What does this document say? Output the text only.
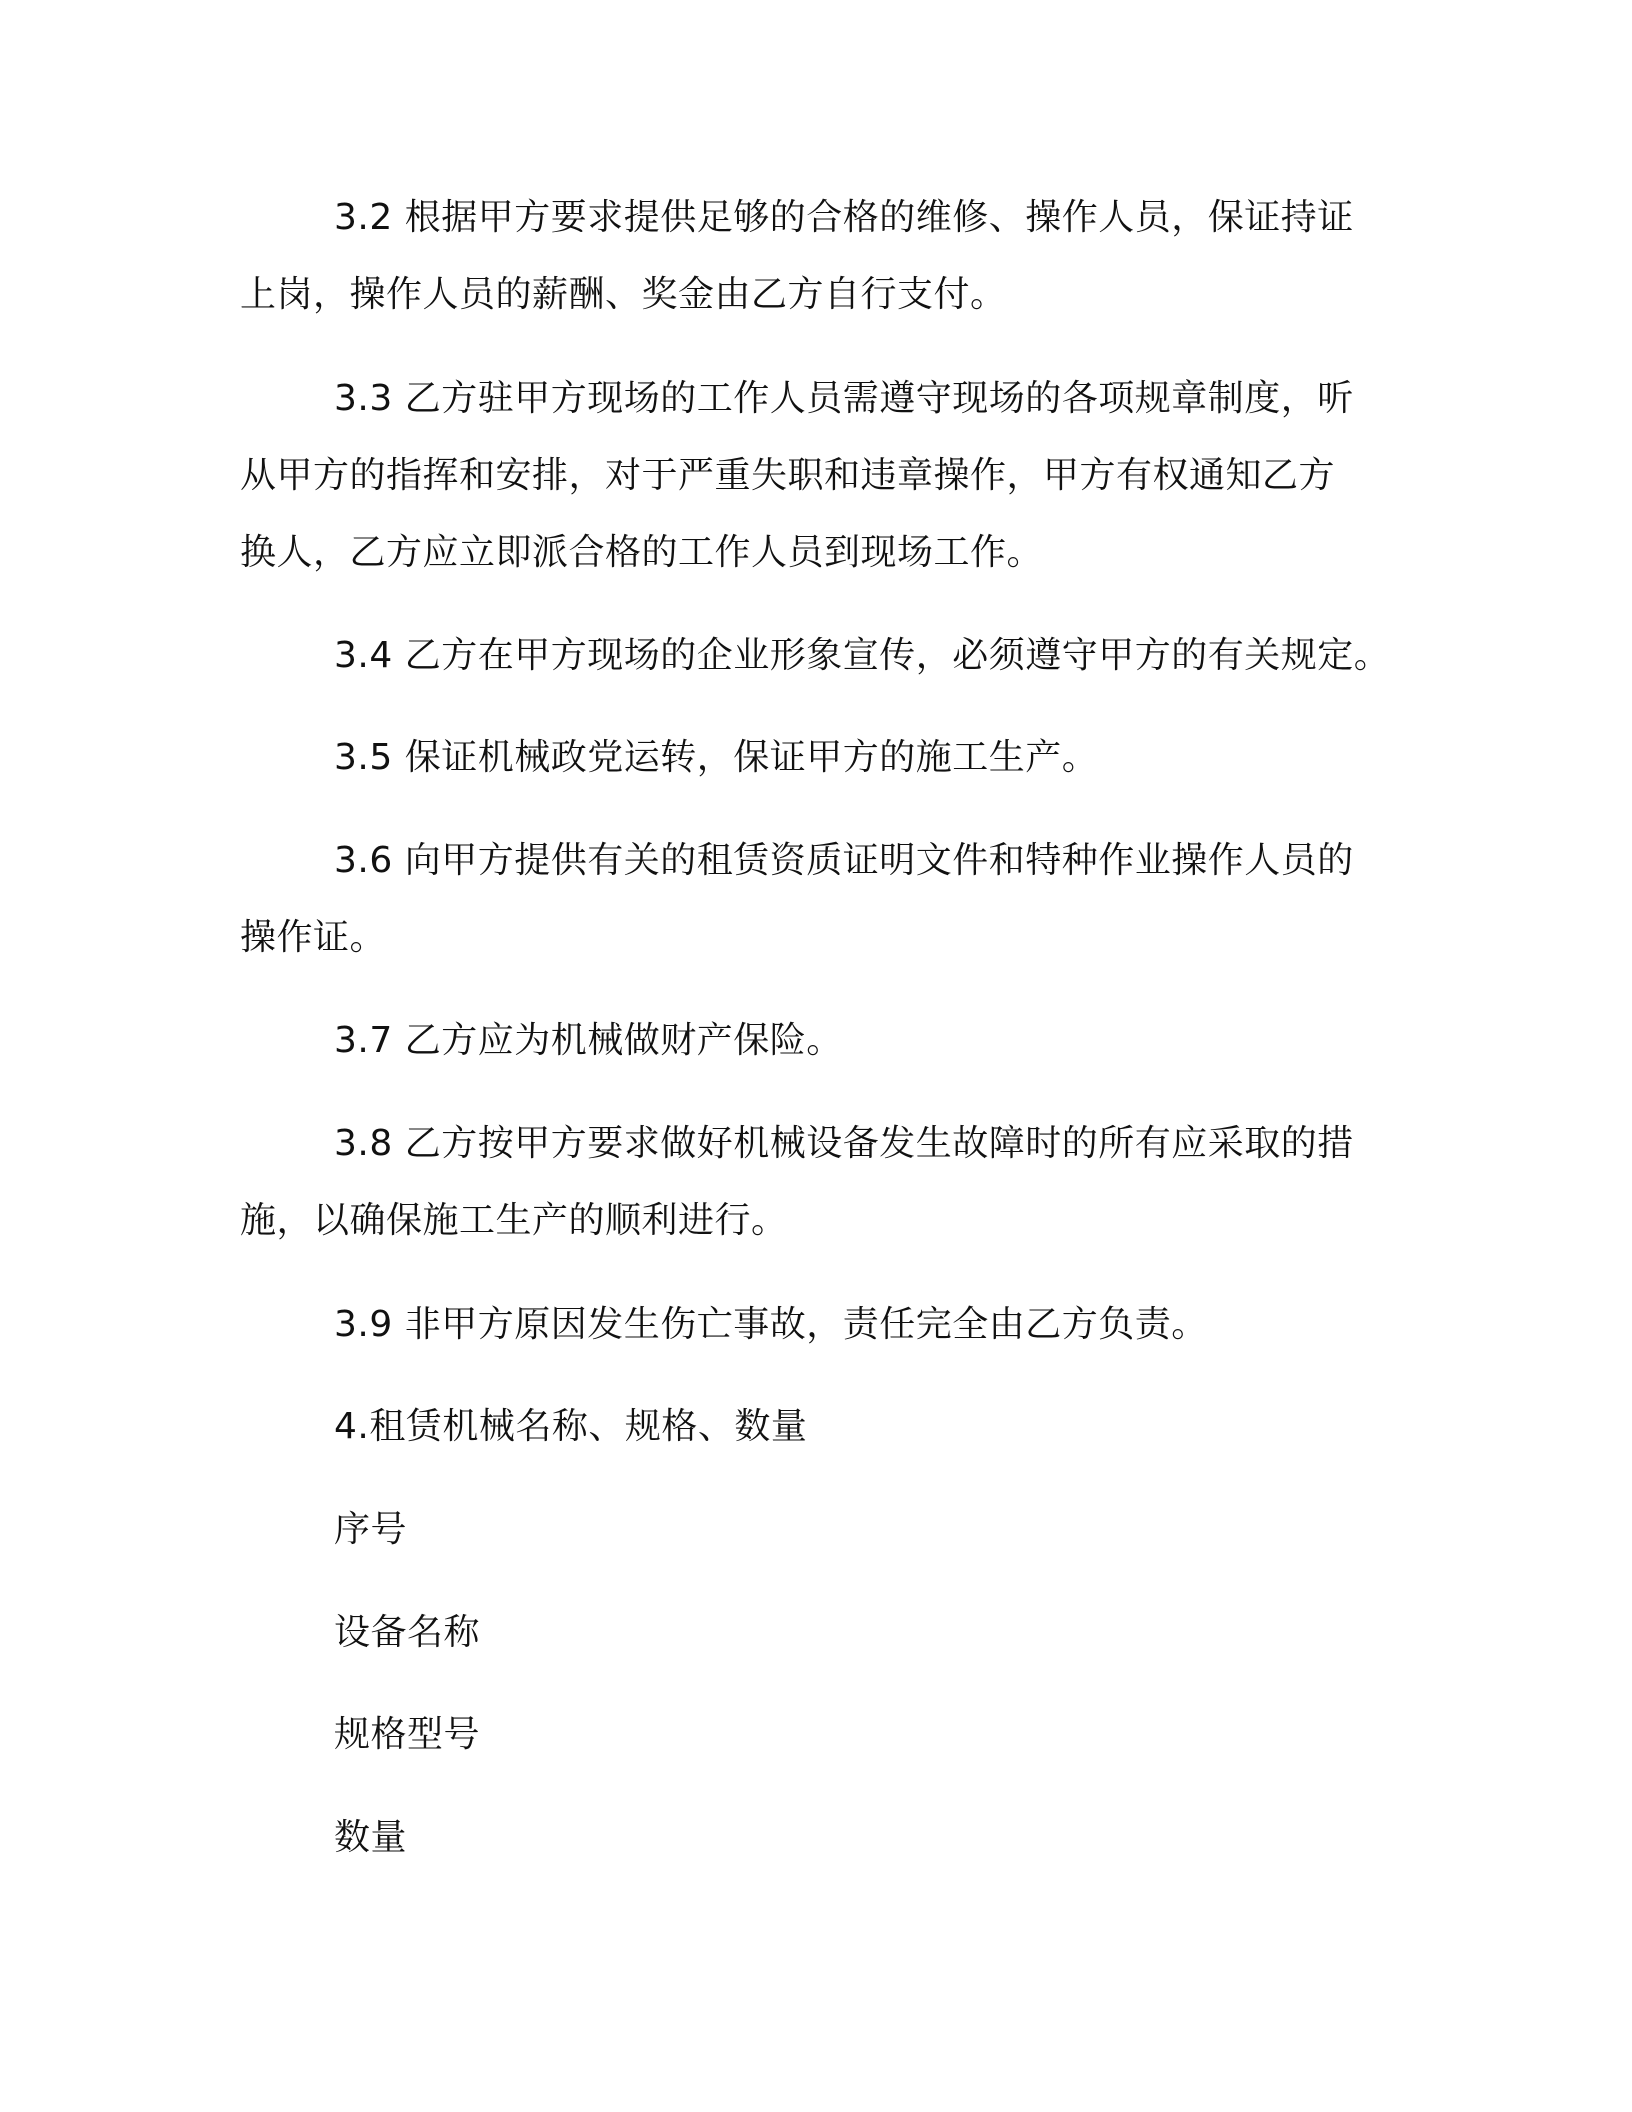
3.2 根据甲方要求提供足够的合格的维修、操作人员，保证持证上岗，操作人员的薪酬、奖金由乙方自行支付。

3.3 乙方驻甲方现场的工作人员需遵守现场的各项规章制度，听从甲方的指挥和安排，对于严重失职和违章操作，甲方有权通知乙方换人，乙方应立即派合格的工作人员到现场工作。

3.4 乙方在甲方现场的企业形象宣传，必须遵守甲方的有关规定。

3.5 保证机械政党运转，保证甲方的施工生产。

3.6 向甲方提供有关的租赁资质证明文件和特种作业操作人员的操作证。

3.7 乙方应为机械做财产保险。

3.8 乙方按甲方要求做好机械设备发生故障时的所有应采取的措施，以确保施工生产的顺利进行。

3.9 非甲方原因发生伤亡事故，责任完全由乙方负责。

4.租赁机械名称、规格、数量

序号

设备名称

规格型号

数量
